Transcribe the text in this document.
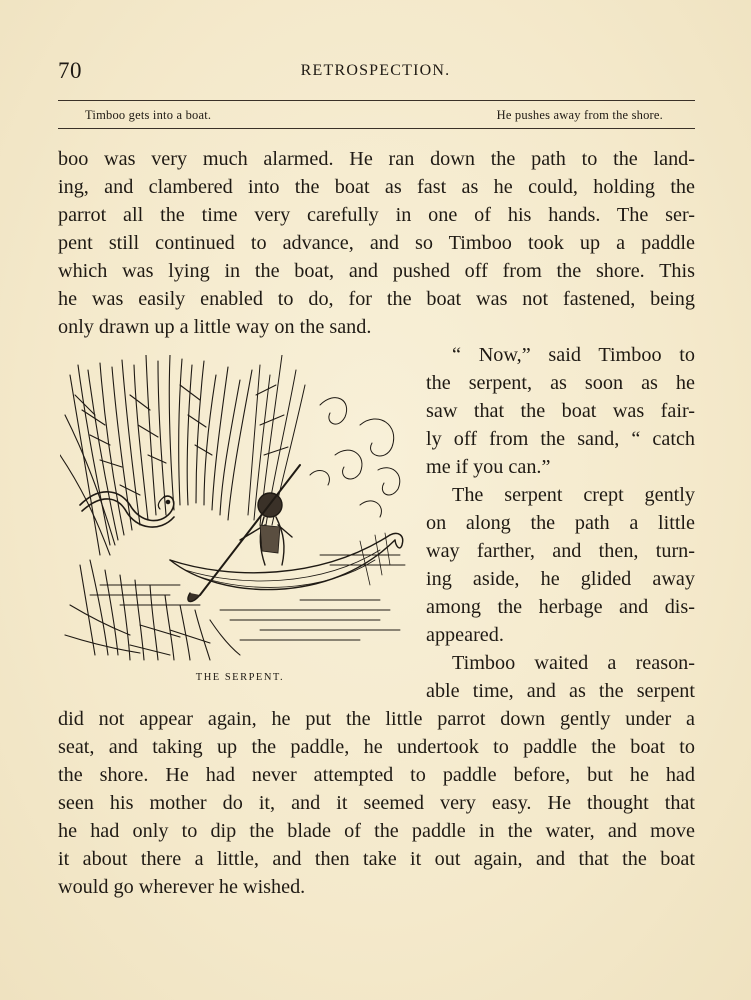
70	RETROSPECTION.
Timboo gets into a boat.	He pushes away from the shore.
boo was very much alarmed. He ran down the path to the land-
ing, and clambered into the boat as fast as he could, holding the
parrot all the time very carefully in one of his hands. The ser-
pent still continued to advance, and so Timboo took up a paddle
which was lying in the boat, and pushed off from the shore. This
he was easily enabled to do, for the boat was not fastened, being
only drawn up a little way on the sand.
“ Now,” said Timboo to
the serpent, as soon as he
saw that the boat was fair-
ly off from the sand, “ catch
me if you can.”
The serpent crept gently
on along the path a little
way farther, and then, turn-
ing aside, he glided away
among the herbage and dis-
appeared.
Timboo waited a reason-
able time, and as the serpent
did not appear again, he put the little parrot down gently under a
seat, and taking up the paddle, he undertook to paddle the boat to
the shore. He had never attempted to paddle before, but he had
seen his mother do it, and it seemed very easy. He thought that
he had only to dip the blade of the paddle in the water, and move
it about there a little, and then take it out again, and that the boat
would go wherever he wished.
THE SERPENT.
